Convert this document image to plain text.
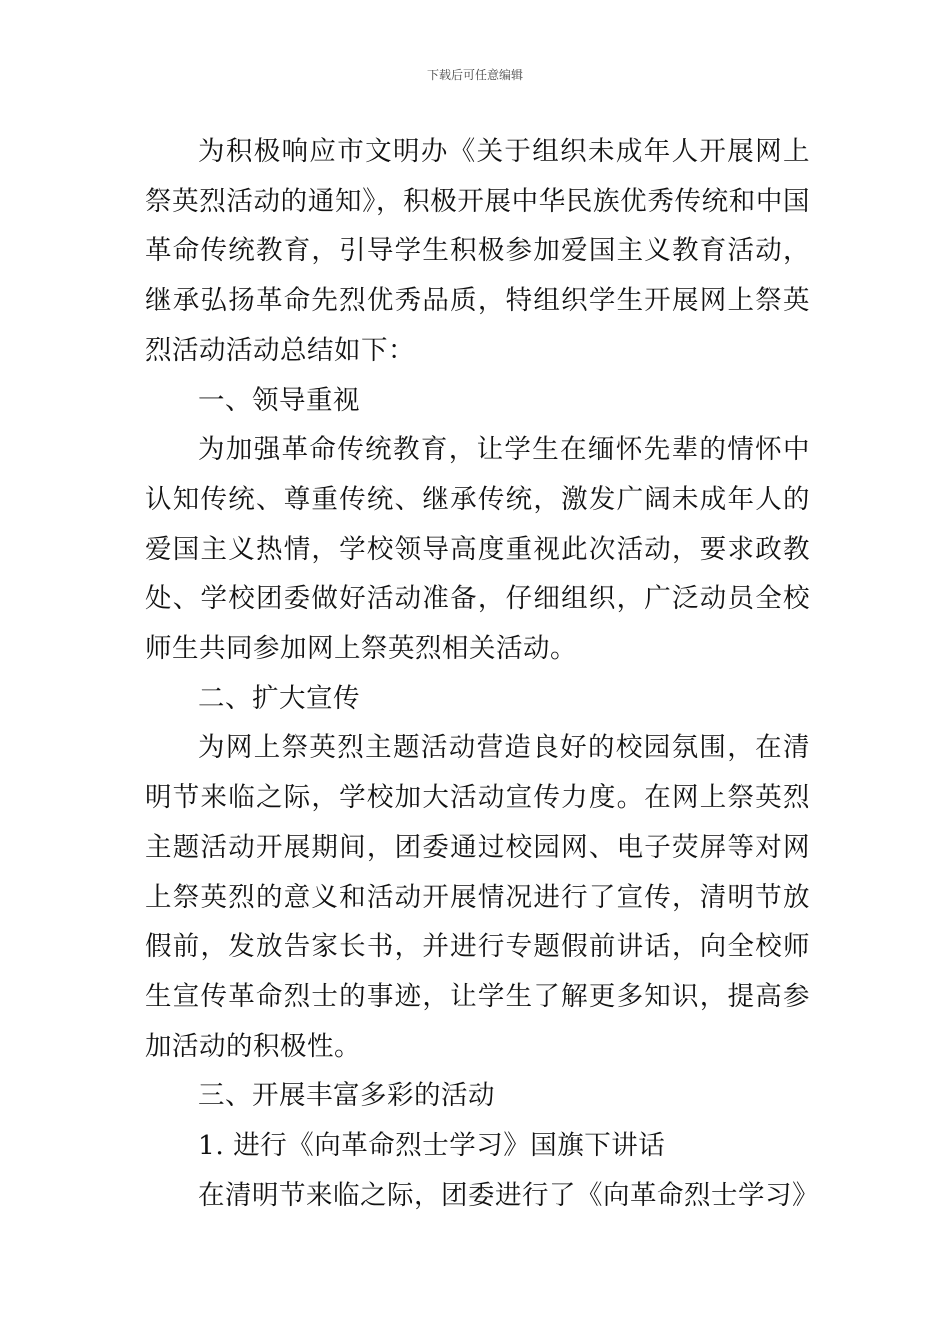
下载后可任意编辑

为积极响应市文明办《关于组织未成年人开展网上祭英烈活动的通知》，积极开展中华民族优秀传统和中国革命传统教育，引导学生积极参加爱国主义教育活动，继承弘扬革命先烈优秀品质，特组织学生开展网上祭英烈活动活动总结如下：

一、领导重视

为加强革命传统教育，让学生在缅怀先辈的情怀中认知传统、尊重传统、继承传统，激发广阔未成年人的爱国主义热情，学校领导高度重视此次活动，要求政教处、学校团委做好活动准备，仔细组织，广泛动员全校师生共同参加网上祭英烈相关活动。

二、扩大宣传

为网上祭英烈主题活动营造良好的校园氛围，在清明节来临之际，学校加大活动宣传力度。在网上祭英烈主题活动开展期间，团委通过校园网、电子荧屏等对网上祭英烈的意义和活动开展情况进行了宣传，清明节放假前，发放告家长书，并进行专题假前讲话，向全校师生宣传革命烈士的事迹，让学生了解更多知识，提高参加活动的积极性。

三、开展丰富多彩的活动

1. 进行《向革命烈士学习》国旗下讲话

在清明节来临之际，团委进行了《向革命烈士学习》
